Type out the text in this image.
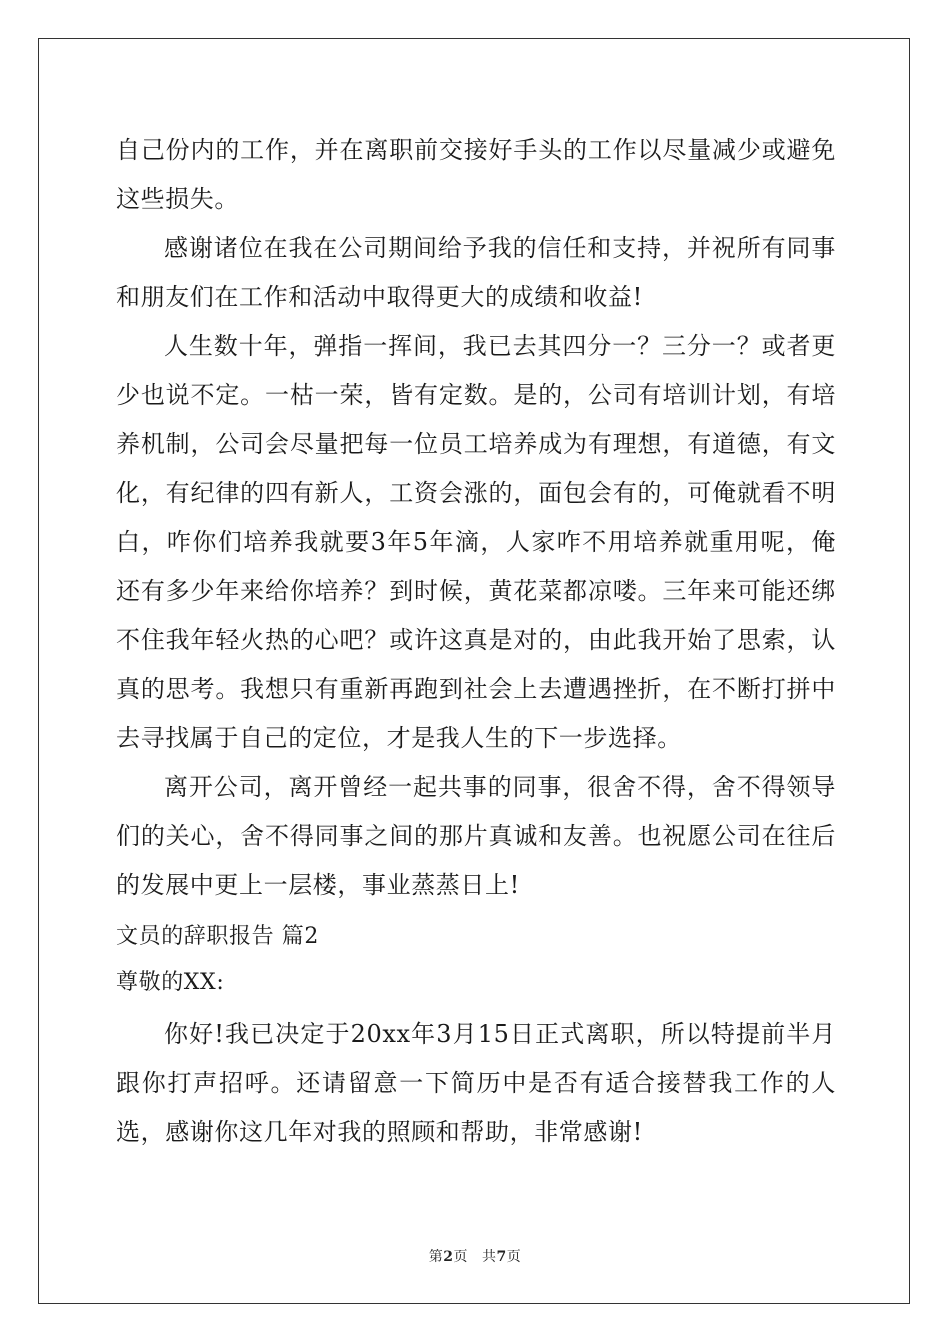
自己份内的工作，并在离职前交接好手头的工作以尽量减少或避免这些损失。

感谢诸位在我在公司期间给予我的信任和支持，并祝所有同事和朋友们在工作和活动中取得更大的成绩和收益!

人生数十年，弹指一挥间，我已去其四分一？三分一？或者更少也说不定。一枯一荣，皆有定数。是的，公司有培训计划，有培养机制，公司会尽量把每一位员工培养成为有理想，有道德，有文化，有纪律的四有新人，工资会涨的，面包会有的，可俺就看不明白，咋你们培养我就要3年5年滴，人家咋不用培养就重用呢，俺还有多少年来给你培养？到时候，黄花菜都凉喽。三年来可能还绑不住我年轻火热的心吧？或许这真是对的，由此我开始了思索，认真的思考。我想只有重新再跑到社会上去遭遇挫折，在不断打拼中去寻找属于自己的定位，才是我人生的下一步选择。

离开公司，离开曾经一起共事的同事，很舍不得，舍不得领导们的关心，舍不得同事之间的那片真诚和友善。也祝愿公司在往后的发展中更上一层楼，事业蒸蒸日上!

文员的辞职报告 篇2

尊敬的XX:

你好!我已决定于20xx年3月15日正式离职，所以特提前半月跟你打声招呼。还请留意一下简历中是否有适合接替我工作的人选，感谢你这几年对我的照顾和帮助，非常感谢!

第2页 共7页
